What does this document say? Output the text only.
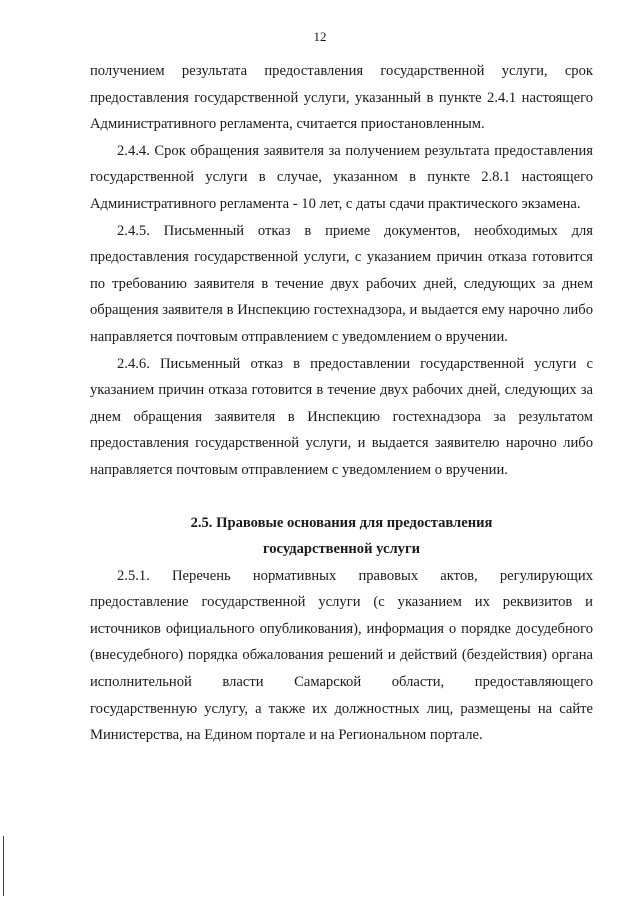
12

получением результата предоставления государственной услуги, срок предоставления государственной услуги, указанный в пункте 2.4.1 настоящего Административного регламента, считается приостановленным.

2.4.4. Срок обращения заявителя за получением результата предоставления государственной услуги в случае, указанном в пункте 2.8.1 настоящего Административного регламента - 10 лет, с даты сдачи практического экзамена.

2.4.5. Письменный отказ в приеме документов, необходимых для предоставления государственной услуги, с указанием причин отказа готовится по требованию заявителя в течение двух рабочих дней, следующих за днем обращения заявителя в Инспекцию гостехнадзора, и выдается ему нарочно либо направляется почтовым отправлением с уведомлением о вручении.

2.4.6. Письменный отказ в предоставлении государственной услуги с указанием причин отказа готовится в течение двух рабочих дней, следующих за днем обращения заявителя в Инспекцию гостехнадзора за результатом предоставления государственной услуги, и выдается заявителю нарочно либо направляется почтовым отправлением с уведомлением о вручении.

2.5. Правовые основания для предоставления

государственной услуги

2.5.1. Перечень нормативных правовых актов, регулирующих предоставление государственной услуги (с указанием их реквизитов и источников официального опубликования), информация о порядке досудебного (внесудебного) порядка обжалования решений и действий (бездействия) органа исполнительной власти Самарской области, предоставляющего государственную услугу, а также их должностных лиц, размещены на сайте Министерства, на Едином портале и на Региональном портале.
